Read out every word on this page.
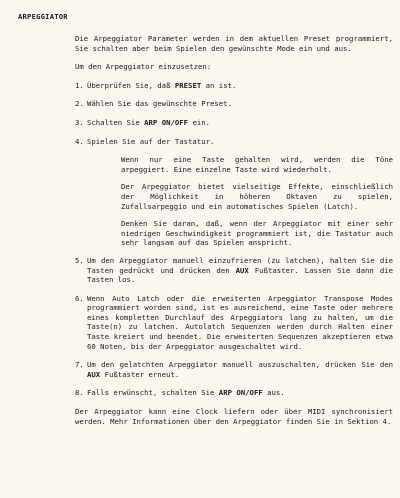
ARPEGGIATOR

Die Arpeggiator Parameter werden in dem aktuellen Preset programmiert, Sie schalten aber beim Spielen den gewünschte Mode ein und aus.

Um den Arpeggiator einzusetzen:

1. Überprüfen Sie, daß PRESET an ist.
2. Wählen Sie das gewünschte Preset.
3. Schalten Sie ARP ON/OFF ein.
4. Spielen Sie auf der Tastatur.

Wenn nur eine Taste gehalten wird, werden die Töne arpeggiert. Eine einzelne Taste wird wiederholt.

Der Arpeggiator bietet vielseitige Effekte, einschließlich der Möglichkeit in höheren Oktaven zu spielen, Zufallsarpeggio und ein automatisches Spielen (Latch).

Denken Sie daran, daß, wenn der Arpeggiator mit einer sehr niedrigen Geschwindigkeit programmiert ist, die Tastatur auch sehr langsam auf das Spielen anspricht.

5. Um den Arpeggiator manuell einzufrieren (zu latchen), halten Sie die Tasten gedrückt und drücken den AUX Fußtaster. Lassen Sie dann die Tasten los.
6. Wenn Auto Latch oder die erweiterten Arpeggiator Transpose Modes programmiert worden sind, ist es ausreichend, eine Taste oder mehrere eines kompletten Durchlauf des Arpeggiators lang zu halten, um die Taste(n) zu latchen. Autolatch Sequenzen werden durch Halten einer Taste kreiert und beendet. Die erweiterten Sequenzen akzeptieren etwa 60 Noten, bis der Arpeggiator ausgeschaltet wird.
7. Um den gelatchten Arpeggiator manuell auszuschalten, drücken Sie den AUX Fußtaster erneut.
8. Falls erwünscht, schalten Sie ARP ON/OFF aus.

Der Arpeggiator kann eine Clock liefern oder über MIDI synchronisiert werden. Mehr Informationen über den Arpeggiator finden Sie in Sektion 4.
